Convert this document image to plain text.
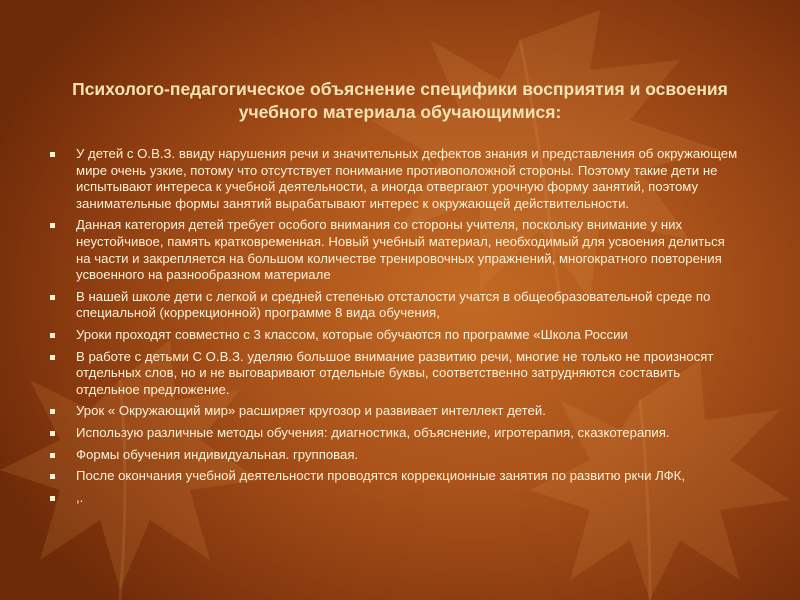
Психолого-педагогическое объяснение специфики восприятия и освоения учебного материала обучающимися:
У детей с О.В.З. ввиду нарушения речи и значительных дефектов знания и представления об окружающем мире очень узкие, потому что отсутствует понимание противоположной стороны. Поэтому такие дети не испытывают интереса к учебной деятельности, а иногда отвергают урочную форму занятий, поэтому занимательные формы занятий вырабатывают интерес к окружающей действительности.
Данная категория детей требует особого внимания со стороны учителя, поскольку внимание у них неустойчивое, память кратковременная. Новый учебный материал, необходимый для усвоения делиться на части и закрепляется на большом количестве тренировочных упражнений, многократного повторения усвоенного на разнообразном материале
В нашей школе дети с легкой и средней степенью отсталости учатся в общеобразовательной среде по специальной (коррекционной) программе 8 вида обучения,
Уроки проходят совместно с 3 классом, которые обучаются по программе «Школа России
В работе с детьми С О.В.З. уделяю большое внимание развитию речи, многие не только не произносят отдельных слов, но и не выговаривают отдельные буквы, соответственно затрудняются составить отдельное предложение.
Урок « Окружающий мир» расширяет кругозор и развивает интеллект детей.
Использую различные методы обучения: диагностика, объяснение, игротерапия, сказкотерапия.
Формы обучения индивидуальная. групповая.
После окончания учебной деятельности проводятся коррекционные занятия по развитю ркчи ЛФК,
,.
